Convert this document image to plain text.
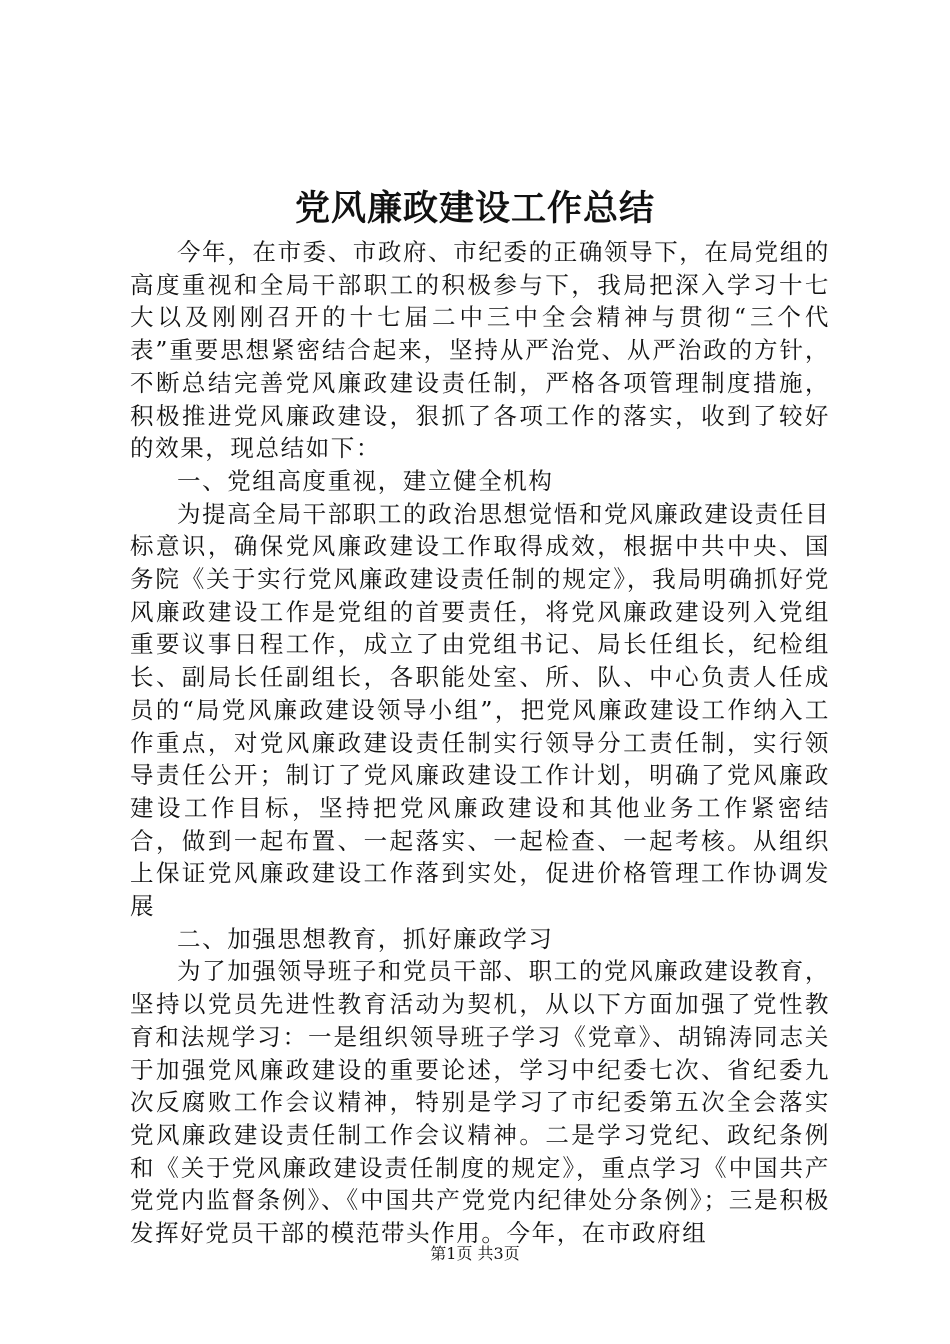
党风廉政建设工作总结

今年，在市委、市政府、市纪委的正确领导下，在局党组的高度重视和全局干部职工的积极参与下，我局把深入学习十七大以及刚刚召开的十七届二中三中全会精神与贯彻“三个代表”重要思想紧密结合起来，坚持从严治党、从严治政的方针，不断总结完善党风廉政建设责任制，严格各项管理制度措施，积极推进党风廉政建设，狠抓了各项工作的落实，收到了较好的效果，现总结如下：

一、党组高度重视，建立健全机构

为提高全局干部职工的政治思想觉悟和党风廉政建设责任目标意识，确保党风廉政建设工作取得成效，根据中共中央、国务院《关于实行党风廉政建设责任制的规定》，我局明确抓好党风廉政建设工作是党组的首要责任，将党风廉政建设列入党组重要议事日程工作，成立了由党组书记、局长任组长，纪检组长、副局长任副组长，各职能处室、所、队、中心负责人任成员的“局党风廉政建设领导小组”，把党风廉政建设工作纳入工作重点，对党风廉政建设责任制实行领导分工责任制，实行领导责任公开；制订了党风廉政建设工作计划，明确了党风廉政建设工作目标，坚持把党风廉政建设和其他业务工作紧密结合，做到一起布置、一起落实、一起检查、一起考核。从组织上保证党风廉政建设工作落到实处，促进价格管理工作协调发展

二、加强思想教育，抓好廉政学习

为了加强领导班子和党员干部、职工的党风廉政建设教育，坚持以党员先进性教育活动为契机，从以下方面加强了党性教育和法规学习：一是组织领导班子学习《党章》、胡锦涛同志关于加强党风廉政建设的重要论述，学习中纪委七次、省纪委九次反腐败工作会议精神，特别是学习了市纪委第五次全会落实党风廉政建设责任制工作会议精神。二是学习党纪、政纪条例和《关于党风廉政建设责任制度的规定》，重点学习《中国共产党党内监督条例》、《中国共产党党内纪律处分条例》；三是积极发挥好党员干部的模范带头作用。今年，在市政府组

第1页 共3页
